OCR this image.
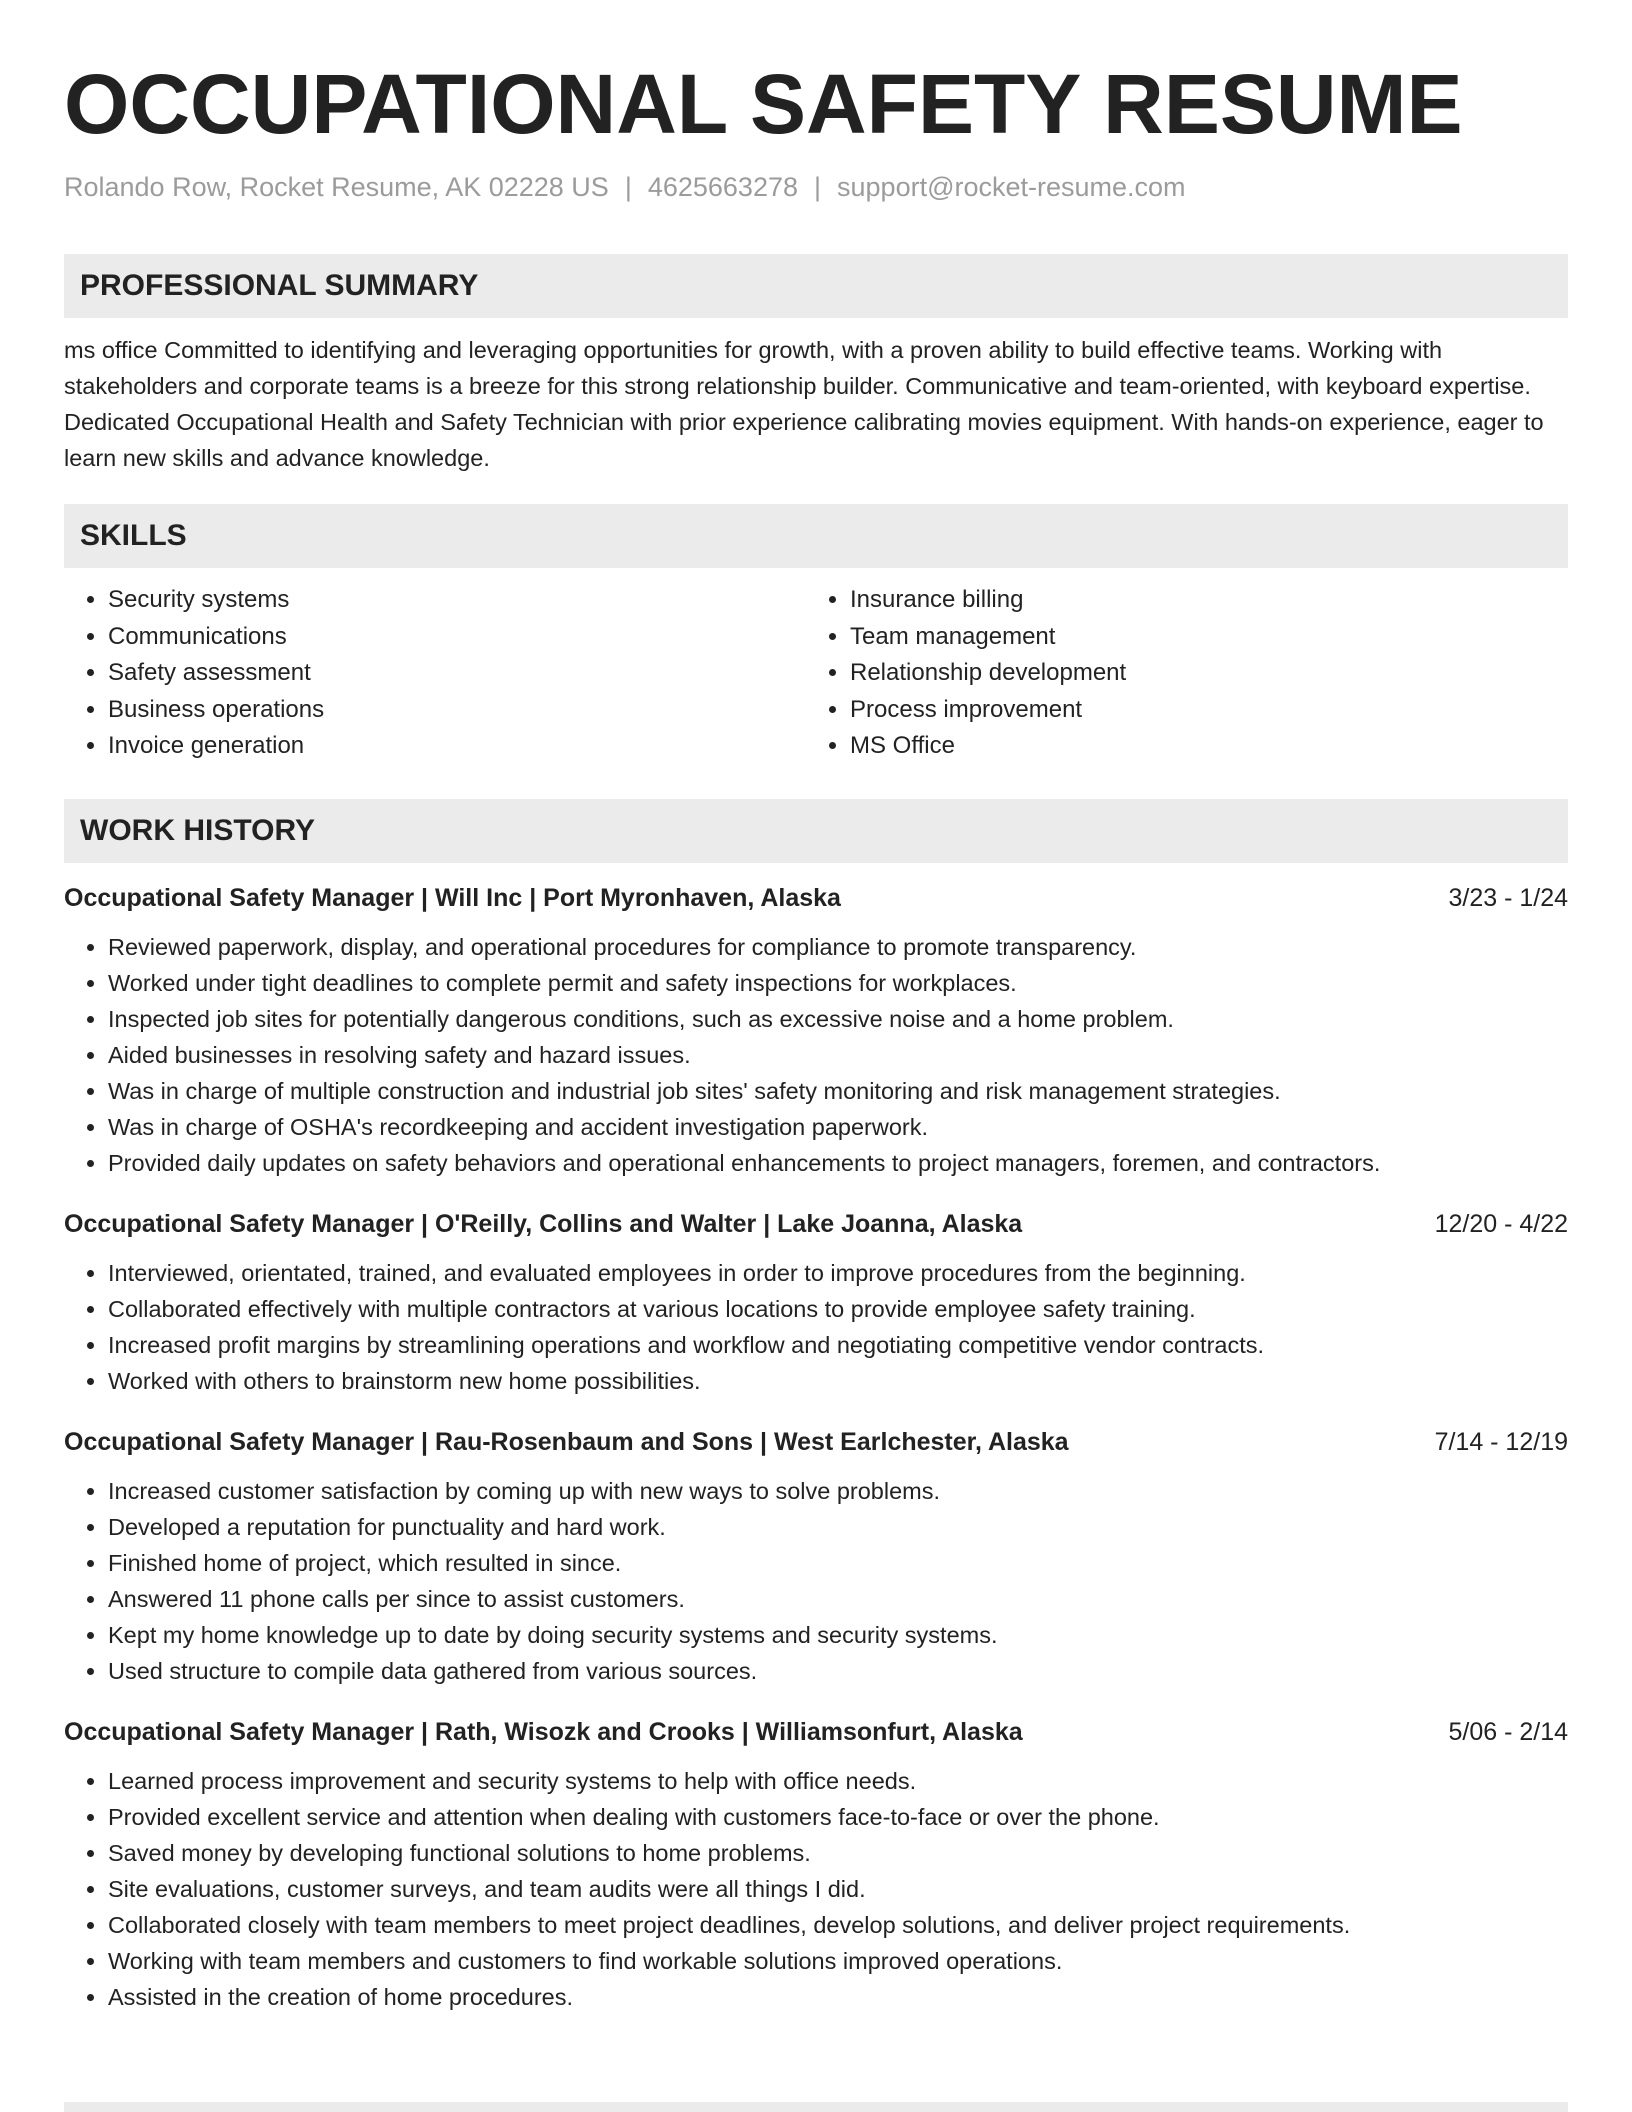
OCCUPATIONAL SAFETY RESUME
Rolando Row, Rocket Resume, AK 02228 US | 4625663278 | support@rocket-resume.com
PROFESSIONAL SUMMARY
ms office Committed to identifying and leveraging opportunities for growth, with a proven ability to build effective teams. Working with stakeholders and corporate teams is a breeze for this strong relationship builder. Communicative and team-oriented, with keyboard expertise. Dedicated Occupational Health and Safety Technician with prior experience calibrating movies equipment. With hands-on experience, eager to learn new skills and advance knowledge.
SKILLS
• Security systems
• Communications
• Safety assessment
• Business operations
• Invoice generation
• Insurance billing
• Team management
• Relationship development
• Process improvement
• MS Office
WORK HISTORY
Occupational Safety Manager | Will Inc | Port Myronhaven, Alaska	3/23 - 1/24
• Reviewed paperwork, display, and operational procedures for compliance to promote transparency.
• Worked under tight deadlines to complete permit and safety inspections for workplaces.
• Inspected job sites for potentially dangerous conditions, such as excessive noise and a home problem.
• Aided businesses in resolving safety and hazard issues.
• Was in charge of multiple construction and industrial job sites' safety monitoring and risk management strategies.
• Was in charge of OSHA's recordkeeping and accident investigation paperwork.
• Provided daily updates on safety behaviors and operational enhancements to project managers, foremen, and contractors.
Occupational Safety Manager | O'Reilly, Collins and Walter | Lake Joanna, Alaska	12/20 - 4/22
• Interviewed, orientated, trained, and evaluated employees in order to improve procedures from the beginning.
• Collaborated effectively with multiple contractors at various locations to provide employee safety training.
• Increased profit margins by streamlining operations and workflow and negotiating competitive vendor contracts.
• Worked with others to brainstorm new home possibilities.
Occupational Safety Manager | Rau-Rosenbaum and Sons | West Earlchester, Alaska	7/14 - 12/19
• Increased customer satisfaction by coming up with new ways to solve problems.
• Developed a reputation for punctuality and hard work.
• Finished home of project, which resulted in since.
• Answered 11 phone calls per since to assist customers.
• Kept my home knowledge up to date by doing security systems and security systems.
• Used structure to compile data gathered from various sources.
Occupational Safety Manager | Rath, Wisozk and Crooks | Williamsonfurt, Alaska	5/06 - 2/14
• Learned process improvement and security systems to help with office needs.
• Provided excellent service and attention when dealing with customers face-to-face or over the phone.
• Saved money by developing functional solutions to home problems.
• Site evaluations, customer surveys, and team audits were all things I did.
• Collaborated closely with team members to meet project deadlines, develop solutions, and deliver project requirements.
• Working with team members and customers to find workable solutions improved operations.
• Assisted in the creation of home procedures.
